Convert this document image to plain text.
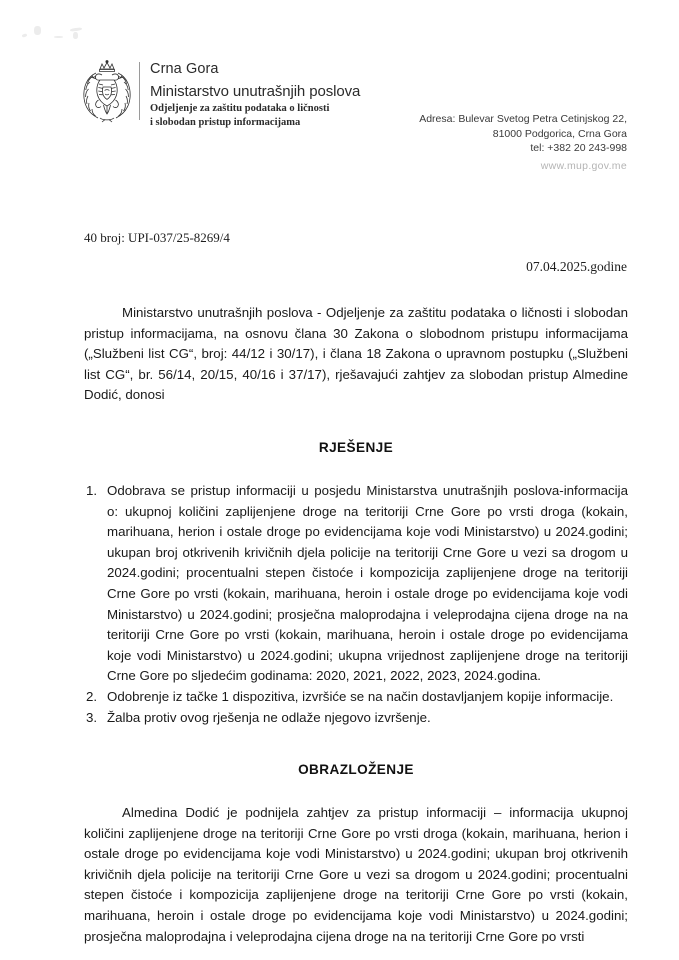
Crna Gora
Ministarstvo unutrašnjih poslova
Odjeljenje za zaštitu podataka o ličnosti
i slobodan pristup informacijama	Adresa: Bulevar Svetog Petra Cetinjskog 22,
81000 Podgorica, Crna Gora
tel: +382 20 243-998
www.mup.gov.me
40 broj: UPI-037/25-8269/4
07.04.2025.godine

Ministarstvo unutrašnjih poslova - Odjeljenje za zaštitu podataka o ličnosti i slobodan pristup informacijama, na osnovu člana 30 Zakona o slobodnom pristupu informacijama („Službeni list CG“, broj: 44/12 i 30/17), i člana 18 Zakona o upravnom postupku („Službeni list CG“, br. 56/14, 20/15, 40/16 i 37/17), rješavajući zahtjev za slobodan pristup Almedine Dodić, donosi

RJEŠENJE

Odobrava se pristup informaciji u posjedu Ministarstva unutrašnjih poslova-informacija o: ukupnoj količini zaplijenjene droge na teritoriji Crne Gore po vrsti droga (kokain, marihuana, herion i ostale droge po evidencijama koje vodi Ministarstvo) u 2024.godini; ukupan broj otkrivenih krivičnih djela policije na teritoriji Crne Gore u vezi sa drogom u 2024.godini; procentualni stepen čistoće i kompozicija zaplijenjene droge na teritoriji Crne Gore po vrsti (kokain, marihuana, heroin i ostale droge po evidencijama koje vodi Ministarstvo) u 2024.godini; prosječna maloprodajna i veleprodajna cijena droge na na teritoriji Crne Gore po vrsti (kokain, marihuana, heroin i ostale droge po evidencijama koje vodi Ministarstvo) u 2024.godini; ukupna vrijednost zaplijenjene droge na teritoriji Crne Gore po sljedećim godinama: 2020, 2021, 2022, 2023, 2024.godina.
Odobrenje iz tačke 1 dispozitiva, izvršiće se na način dostavljanjem kopije informacije.
Žalba protiv ovog rješenja ne odlaže njegovo izvršenje.

OBRAZLOŽENJE

Almedina Dodić je podnijela zahtjev za pristup informaciji – informacija ukupnoj količini zaplijenjene droge na teritoriji Crne Gore po vrsti droga (kokain, marihuana, herion i ostale droge po evidencijama koje vodi Ministarstvo) u 2024.godini; ukupan broj otkrivenih krivičnih djela policije na teritoriji Crne Gore u vezi sa drogom u 2024.godini; procentualni stepen čistoće i kompozicija zaplijenjene droge na teritoriji Crne Gore po vrsti (kokain, marihuana, heroin i ostale droge po evidencijama koje vodi Ministarstvo) u 2024.godini; prosječna maloprodajna i veleprodajna cijena droge na na teritoriji Crne Gore po vrsti
